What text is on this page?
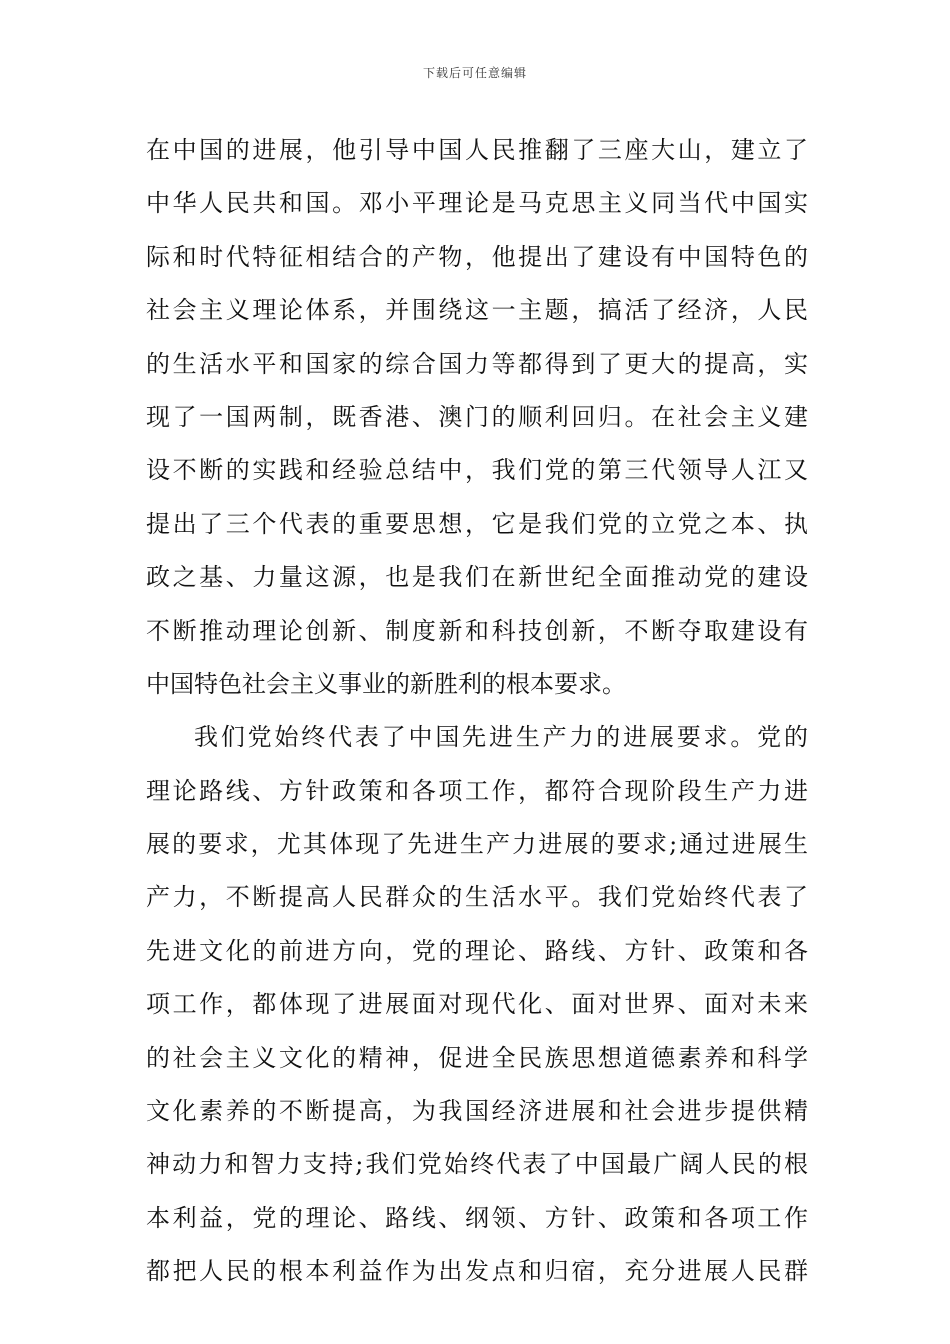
下载后可任意编辑
在中国的进展，他引导中国人民推翻了三座大山，建立了
中华人民共和国。邓小平理论是马克思主义同当代中国实
际和时代特征相结合的产物，他提出了建设有中国特色的
社会主义理论体系，并围绕这一主题，搞活了经济，人民
的生活水平和国家的综合国力等都得到了更大的提高，实
现了一国两制，既香港、澳门的顺利回归。在社会主义建
设不断的实践和经验总结中，我们党的第三代领导人江又
提出了三个代表的重要思想，它是我们党的立党之本、执
政之基、力量这源，也是我们在新世纪全面推动党的建设
不断推动理论创新、制度新和科技创新，不断夺取建设有
中国特色社会主义事业的新胜利的根本要求。
我们党始终代表了中国先进生产力的进展要求。党的
理论路线、方针政策和各项工作，都符合现阶段生产力进
展的要求，尤其体现了先进生产力进展的要求;通过进展生
产力，不断提高人民群众的生活水平。我们党始终代表了
先进文化的前进方向，党的理论、路线、方针、政策和各
项工作，都体现了进展面对现代化、面对世界、面对未来
的社会主义文化的精神，促进全民族思想道德素养和科学
文化素养的不断提高，为我国经济进展和社会进步提供精
神动力和智力支持;我们党始终代表了中国最广阔人民的根
本利益，党的理论、路线、纲领、方针、政策和各项工作
都把人民的根本利益作为出发点和归宿，充分进展人民群
